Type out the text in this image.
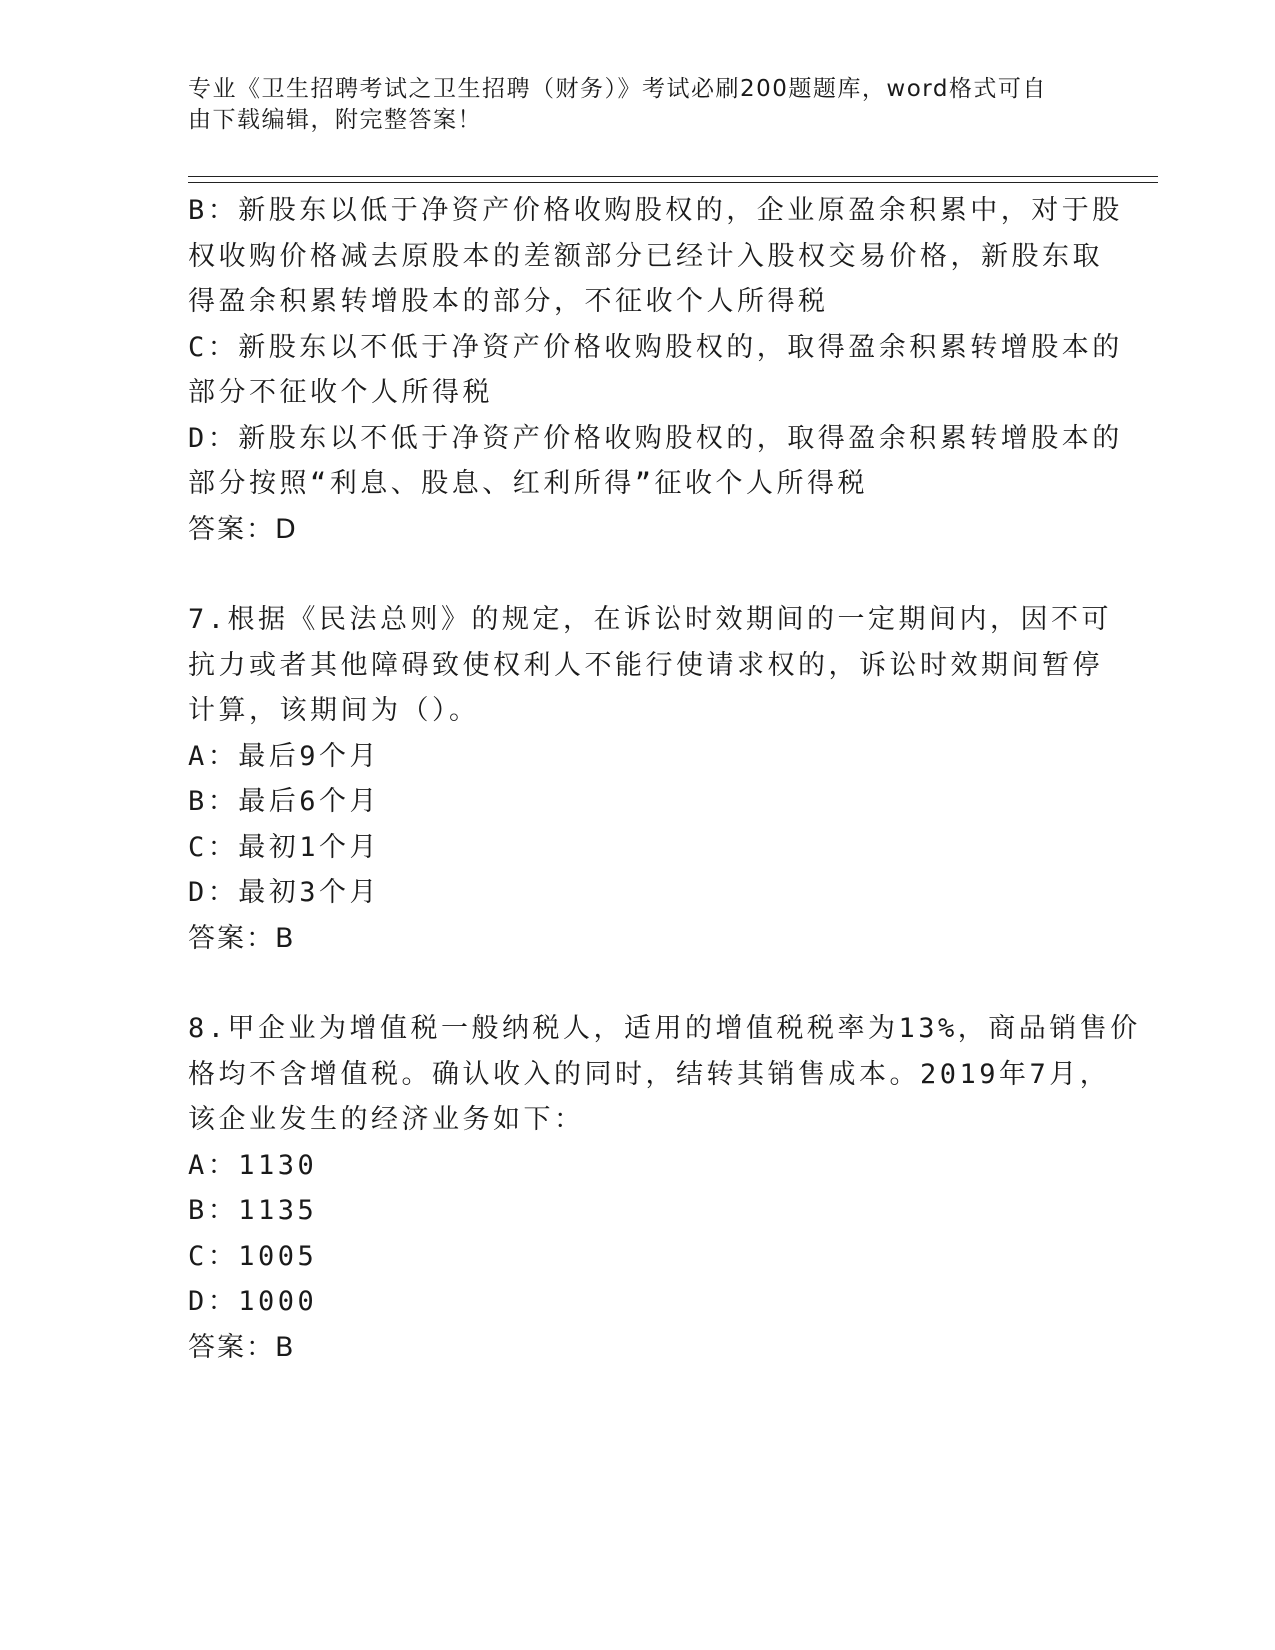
专业《卫生招聘考试之卫生招聘（财务）》考试必刷200题题库，word格式可自
由下载编辑，附完整答案！
B：新股东以低于净资产价格收购股权的，企业原盈余积累中，对于股
权收购价格减去原股本的差额部分已经计入股权交易价格，新股东取
得盈余积累转增股本的部分，不征收个人所得税
C：新股东以不低于净资产价格收购股权的，取得盈余积累转增股本的
部分不征收个人所得税
D：新股东以不低于净资产价格收购股权的，取得盈余积累转增股本的
部分按照“利息、股息、红利所得”征收个人所得税
答案：D
7.根据《民法总则》的规定，在诉讼时效期间的一定期间内，因不可
抗力或者其他障碍致使权利人不能行使请求权的，诉讼时效期间暂停
计算，该期间为（）。
A：最后9个月
B：最后6个月
C：最初1个月
D：最初3个月
答案：B
8.甲企业为增值税一般纳税人，适用的增值税税率为13%，商品销售价
格均不含增值税。确认收入的同时，结转其销售成本。2019年7月，
该企业发生的经济业务如下：
A：1130
B：1135
C：1005
D：1000
答案：B
